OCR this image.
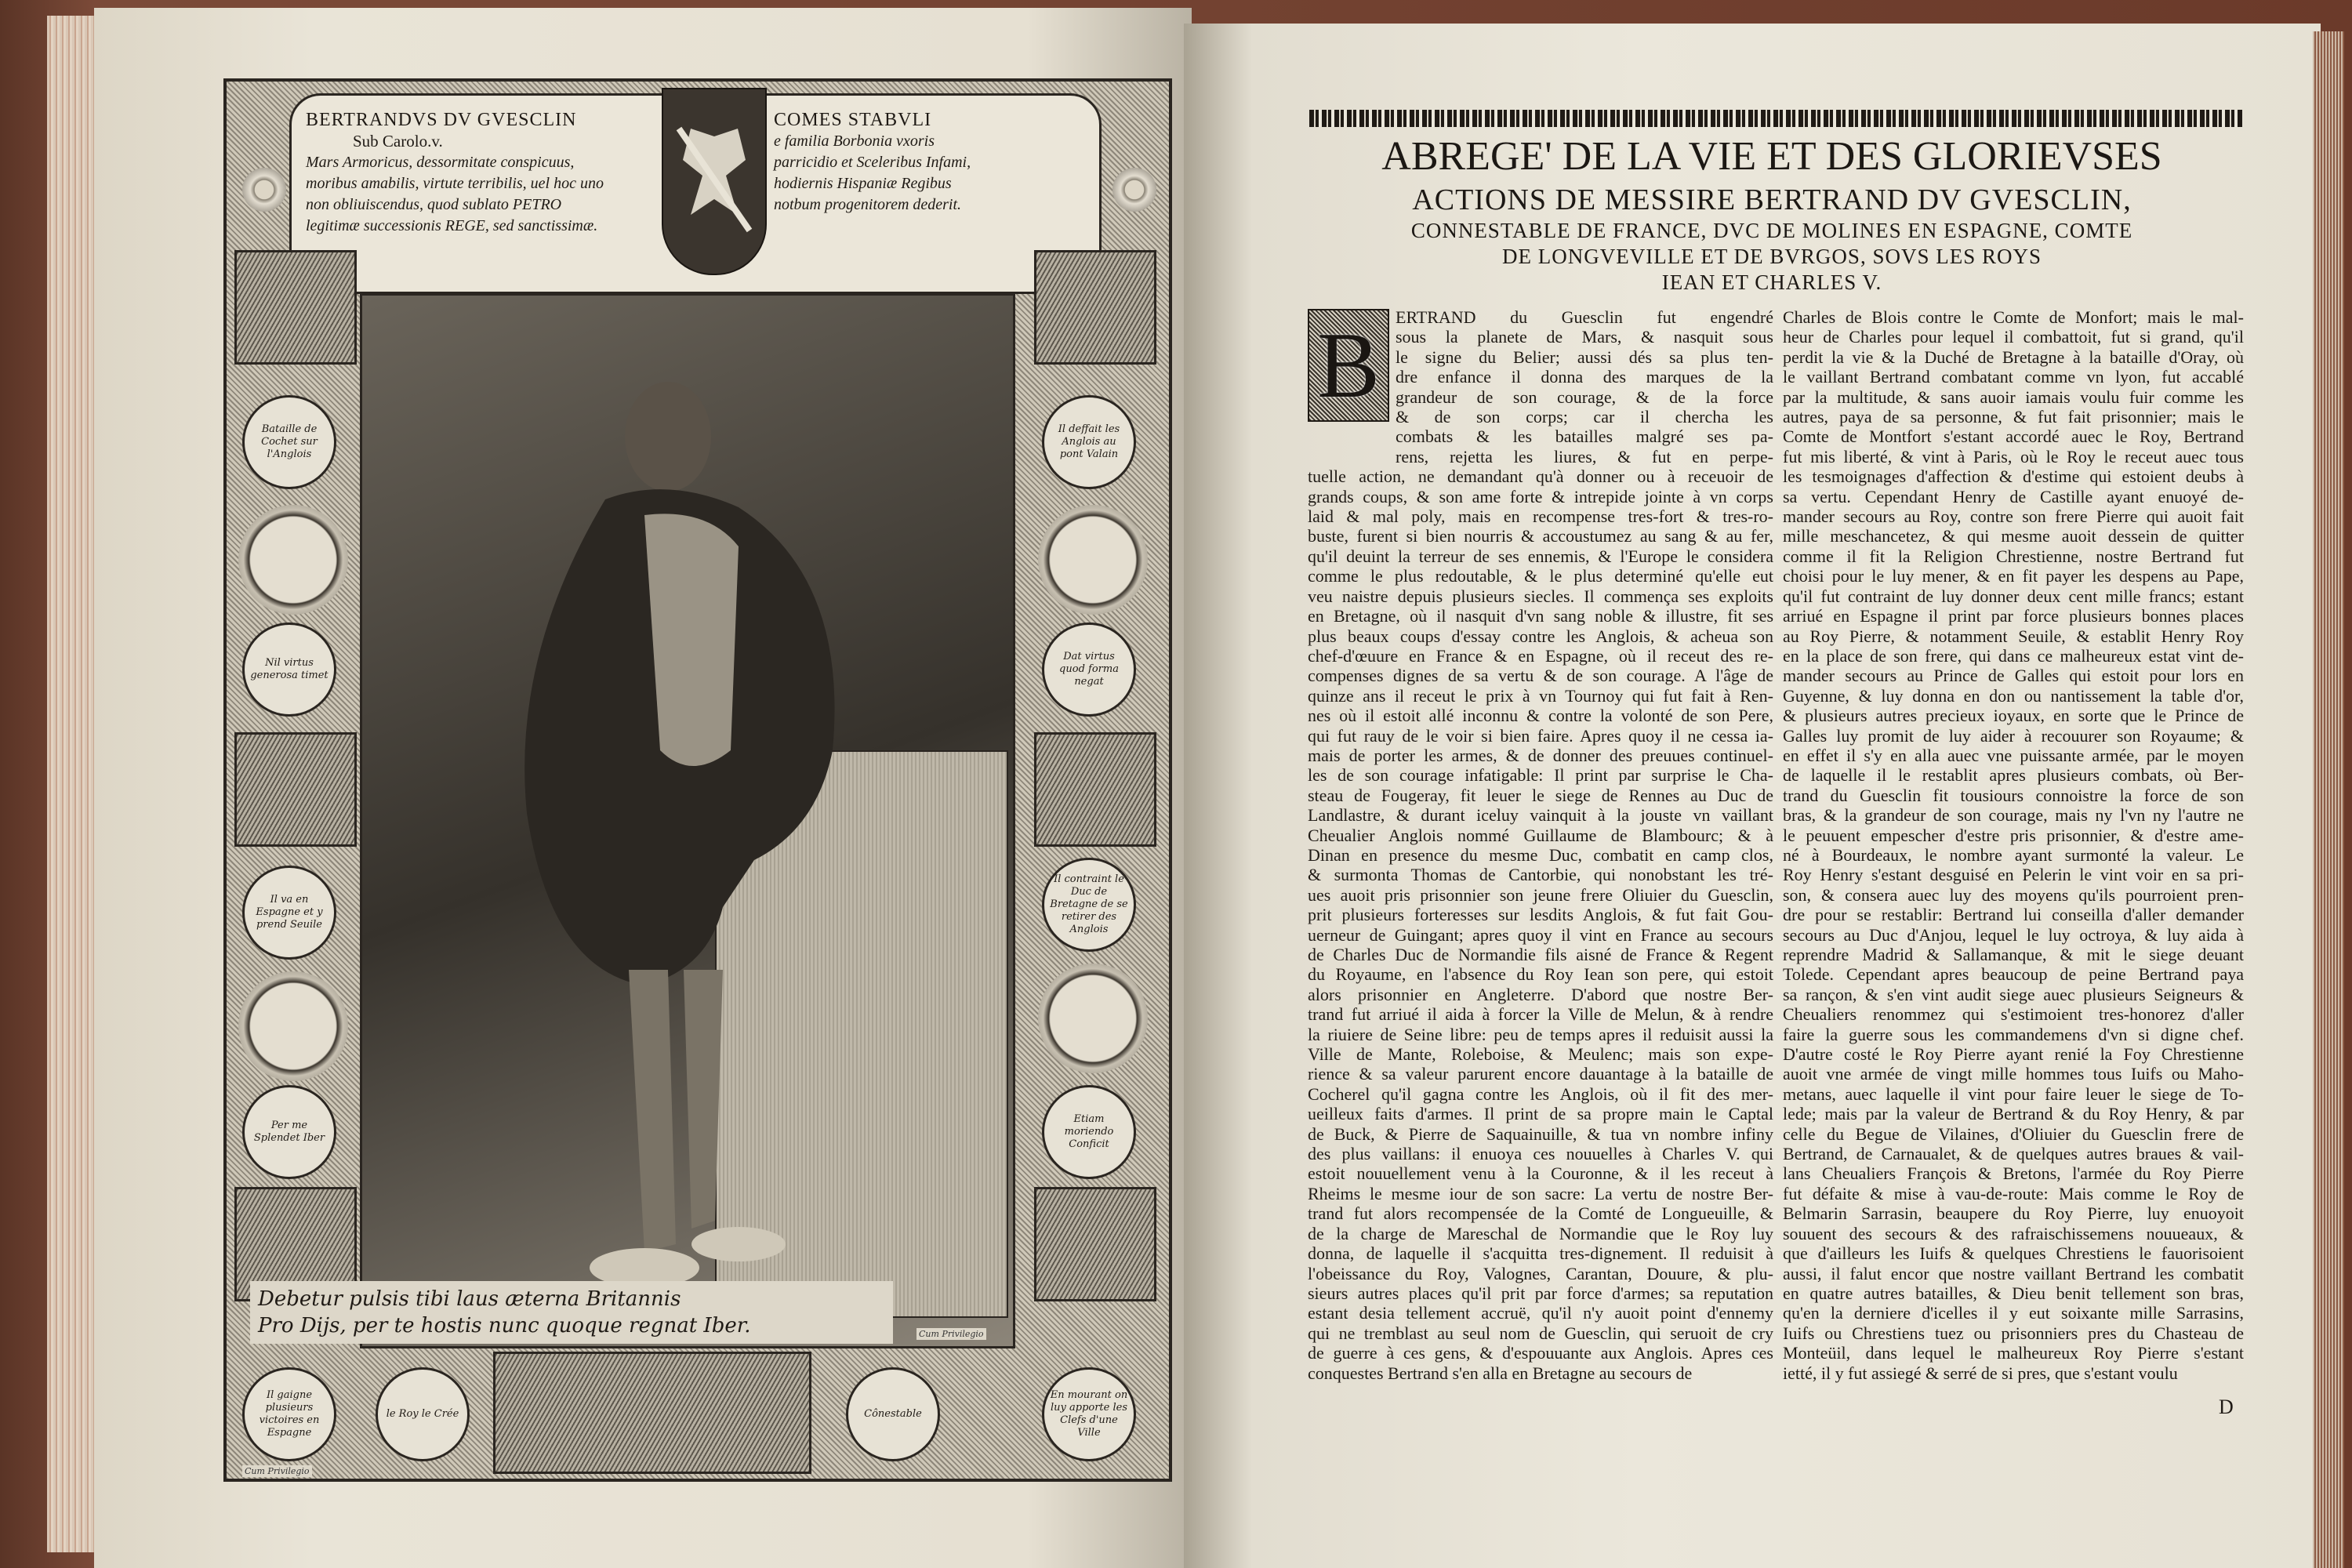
BERTRANDVS DV GVESCLIN
Sub Carolo.v.
Mars Armoricus, dessormitate conspicuus,
moribus amabilis, virtute terribilis, uel hoc uno
non obliuiscendus, quod sublato PETRO
legitimæ successionis REGE, sed sanctissimæ.
COMES STABVLI
e familia Borbonia vxoris
parricidio et Sceleribus Infami,
hodiernis Hispaniæ Regibus
notbum progenitorem dederit.
Bataille de Cochet sur l'Anglois
Nil virtus generosa timet
Il va en Espagne et y prend Seuile
Per me Splendet Iber
Il deffait les Anglois au pont Valain
Dat virtus quod forma negat
Il contraint le Duc de Bretagne de se retirer des Anglois
Etiam moriendo Conficit
Debetur pulsis tibi laus æterna Britannis
Pro Dijs, per te hostis nunc quoque regnat Iber.	Cum Privilegio
Il gaigne plusieurs victoires en Espagne
le Roy le Crée	Cônestable
En mourant on luy apporte les Clefs d'une Ville
Cum Privilegio
ABREGE' DE LA VIE ET DES GLORIEVSES
ACTIONS DE MESSIRE BERTRAND DV GVESCLIN,
CONNESTABLE DE FRANCE, DVC DE MOLINES EN ESPAGNE, COMTE
DE LONGVEVILLE ET DE BVRGOS, SOVS LES ROYS
IEAN ET CHARLES V.
B ERTRAND du Guesclin fut engendré
sous la planete de Mars, & nasquit sous
le signe du Belier; aussi dés sa plus ten-
dre enfance il donna des marques de la
grandeur de son courage, & de la force
& de son corps; car il chercha les
combats & les batailles malgré ses pa-
rens, rejetta les liures, & fut en perpe-
tuelle action, ne demandant qu'à donner ou à receuoir de
grands coups, & son ame forte & intrepide jointe à vn corps
laid & mal poly, mais en recompense tres-fort & tres-ro-
buste, furent si bien nourris & accoustumez au sang & au fer,
qu'il deuint la terreur de ses ennemis, & l'Europe le considera
comme le plus redoutable, & le plus determiné qu'elle eut
veu naistre depuis plusieurs siecles. Il commença ses exploits
en Bretagne, où il nasquit d'vn sang noble & illustre, fit ses
plus beaux coups d'essay contre les Anglois, & acheua son
chef-d'œuure en France & en Espagne, où il receut des re-
compenses dignes de sa vertu & de son courage. A l'âge de
quinze ans il receut le prix à vn Tournoy qui fut fait à Ren-
nes où il estoit allé inconnu & contre la volonté de son Pere,
qui fut rauy de le voir si bien faire. Apres quoy il ne cessa ia-
mais de porter les armes, & de donner des preuues continuel-
les de son courage infatigable: Il print par surprise le Cha-
steau de Fougeray, fit leuer le siege de Rennes au Duc de
Landlastre, & durant iceluy vainquit à la jouste vn vaillant
Cheualier Anglois nommé Guillaume de Blambourc; & à
Dinan en presence du mesme Duc, combatit en camp clos,
& surmonta Thomas de Cantorbie, qui nonobstant les tré-
ues auoit pris prisonnier son jeune frere Oliuier du Guesclin,
prit plusieurs forteresses sur lesdits Anglois, & fut fait Gou-
uerneur de Guingant; apres quoy il vint en France au secours
de Charles Duc de Normandie fils aisné de France & Regent
du Royaume, en l'absence du Roy Iean son pere, qui estoit
alors prisonnier en Angleterre. D'abord que nostre Ber-
trand fut arriué il aida à forcer la Ville de Melun, & à rendre
la riuiere de Seine libre: peu de temps apres il reduisit aussi la
Ville de Mante, Roleboise, & Meulenc; mais son expe-
rience & sa valeur parurent encore dauantage à la bataille de
Cocherel qu'il gagna contre les Anglois, où il fit des mer-
ueilleux faits d'armes. Il print de sa propre main le Captal
de Buck, & Pierre de Saquainuille, & tua vn nombre infiny
des plus vaillans: il enuoya ces nouuelles à Charles V. qui
estoit nouuellement venu à la Couronne, & il les receut à
Rheims le mesme iour de son sacre: La vertu de nostre Ber-
trand fut alors recompensée de la Comté de Longueuille, &
de la charge de Mareschal de Normandie que le Roy luy
donna, de laquelle il s'acquitta tres-dignement. Il reduisit à
l'obeissance du Roy, Valognes, Carantan, Douure, & plu-
sieurs autres places qu'il prit par force d'armes; sa reputation
estant desia tellement accruë, qu'il n'y auoit point d'ennemy
qui ne tremblast au seul nom de Guesclin, qui seruoit de cry
de guerre à ces gens, & d'espouuante aux Anglois. Apres ces
conquestes Bertrand s'en alla en Bretagne au secours de
Charles de Blois contre le Comte de Monfort; mais le mal-
heur de Charles pour lequel il combattoit, fut si grand, qu'il
perdit la vie & la Duché de Bretagne à la bataille d'Oray, où
le vaillant Bertrand combatant comme vn lyon, fut accablé
par la multitude, & sans auoir iamais voulu fuir comme les
autres, paya de sa personne, & fut fait prisonnier; mais le
Comte de Montfort s'estant accordé auec le Roy, Bertrand
fut mis liberté, & vint à Paris, où le Roy le receut auec tous
les tesmoignages d'affection & d'estime qui estoient deubs à
sa vertu. Cependant Henry de Castille ayant enuoyé de-
mander secours au Roy, contre son frere Pierre qui auoit fait
mille meschancetez, & qui mesme auoit dessein de quitter
comme il fit la Religion Chrestienne, nostre Bertrand fut
choisi pour le luy mener, & en fit payer les despens au Pape,
qu'il fut contraint de luy donner deux cent mille francs; estant
arriué en Espagne il print par force plusieurs bonnes places
au Roy Pierre, & notamment Seuile, & establit Henry Roy
en la place de son frere, qui dans ce malheureux estat vint de-
mander secours au Prince de Galles qui estoit pour lors en
Guyenne, & luy donna en don ou nantissement la table d'or,
& plusieurs autres precieux ioyaux, en sorte que le Prince de
Galles luy promit de luy aider à recouurer son Royaume; &
en effet il s'y en alla auec vne puissante armée, par le moyen
de laquelle il le restablit apres plusieurs combats, où Ber-
trand du Guesclin fit tousiours connoistre la force de son
bras, & la grandeur de son courage, mais ny l'vn ny l'autre ne
le peuuent empescher d'estre pris prisonnier, & d'estre ame-
né à Bourdeaux, le nombre ayant surmonté la valeur. Le
Roy Henry s'estant desguisé en Pelerin le vint voir en sa pri-
son, & consera auec luy des moyens qu'ils pourroient pren-
dre pour se restablir: Bertrand lui conseilla d'aller demander
secours au Duc d'Anjou, lequel le luy octroya, & luy aida à
reprendre Madrid & Sallamanque, & mit le siege deuant
Tolede. Cependant apres beaucoup de peine Bertrand paya
sa rançon, & s'en vint audit siege auec plusieurs Seigneurs &
Cheualiers renommez qui s'estimoient tres-honorez d'aller
faire la guerre sous les commandemens d'vn si digne chef.
D'autre costé le Roy Pierre ayant renié la Foy Chrestienne
auoit vne armée de vingt mille hommes tous Iuifs ou Maho-
metans, auec laquelle il vint pour faire leuer le siege de To-
lede; mais par la valeur de Bertrand & du Roy Henry, & par
celle du Begue de Vilaines, d'Oliuier du Guesclin frere de
Bertrand, de Carnaualet, & de quelques autres braues & vail-
lans Cheualiers François & Bretons, l'armée du Roy Pierre
fut défaite & mise à vau-de-route: Mais comme le Roy de
Belmarin Sarrasin, beaupere du Roy Pierre, luy enuoyoit
souuent des secours & des rafraischissemens nouueaux, &
que d'ailleurs les Iuifs & quelques Chrestiens le fauorisoient
aussi, il falut encor que nostre vaillant Bertrand les combatit
en quatre autres batailles, & Dieu benit tellement son bras,
qu'en la derniere d'icelles il y eut soixante mille Sarrasins,
Iuifs ou Chrestiens tuez ou prisonniers pres du Chasteau de
Monteüil, dans lequel le malheureux Roy Pierre s'estant
ietté, il y fut assiegé & serré de si pres, que s'estant voulu
D
